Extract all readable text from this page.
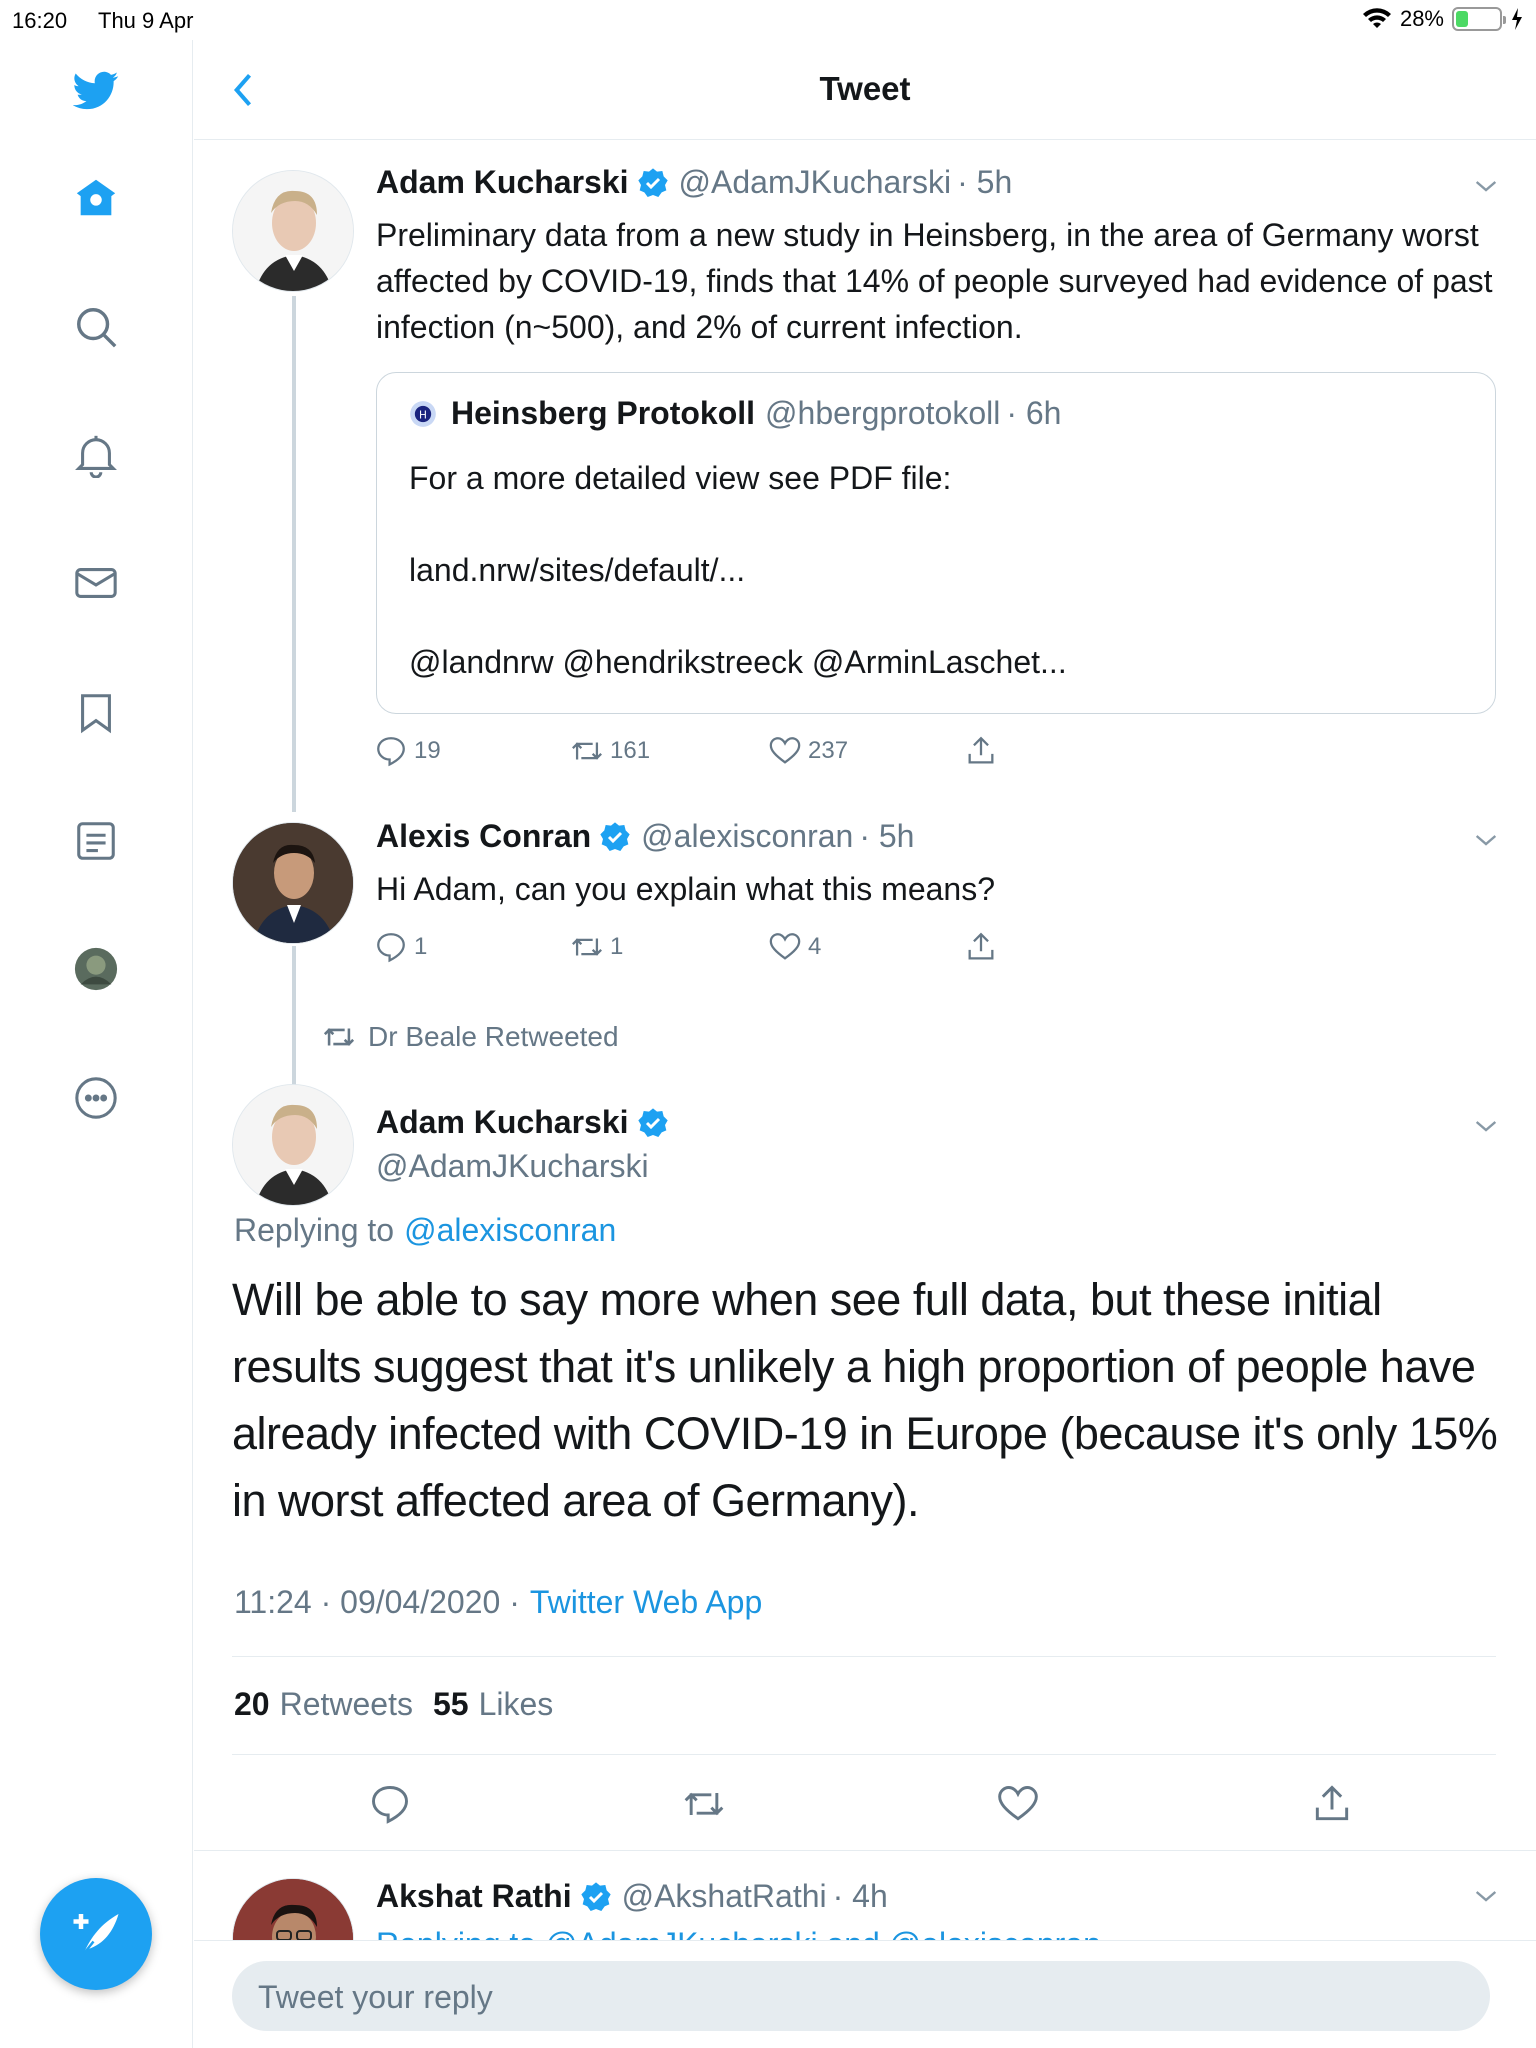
16:20 Thu 9 Apr	28%
Tweet
Adam Kucharski @AdamJKucharski · 5h
Preliminary data from a new study in Heinsberg, in the area of Germany worst affected by COVID-19, finds that 14% of people surveyed had evidence of past infection (n~500), and 2% of current infection.
H Heinsberg Protokoll @hbergprotokoll · 6h
For a more detailed view see PDF file:
land.nrw/sites/default/...
@landnrw @hendrikstreeck @ArminLaschet...
19	161	237
Alexis Conran @alexisconran · 5h
Hi Adam, can you explain what this means?
1	1	4
Dr Beale Retweeted
Adam Kucharski
@AdamJKucharski
Replying to @alexisconran
Will be able to say more when see full data, but these initial results suggest that it's unlikely a high proportion of people have already infected with COVID-19 in Europe (because it's only 15% in worst affected area of Germany).
11:24 · 09/04/2020 · Twitter Web App
20 Retweets 55 Likes
Akshat Rathi @AkshatRathi · 4h
Tweet your reply
